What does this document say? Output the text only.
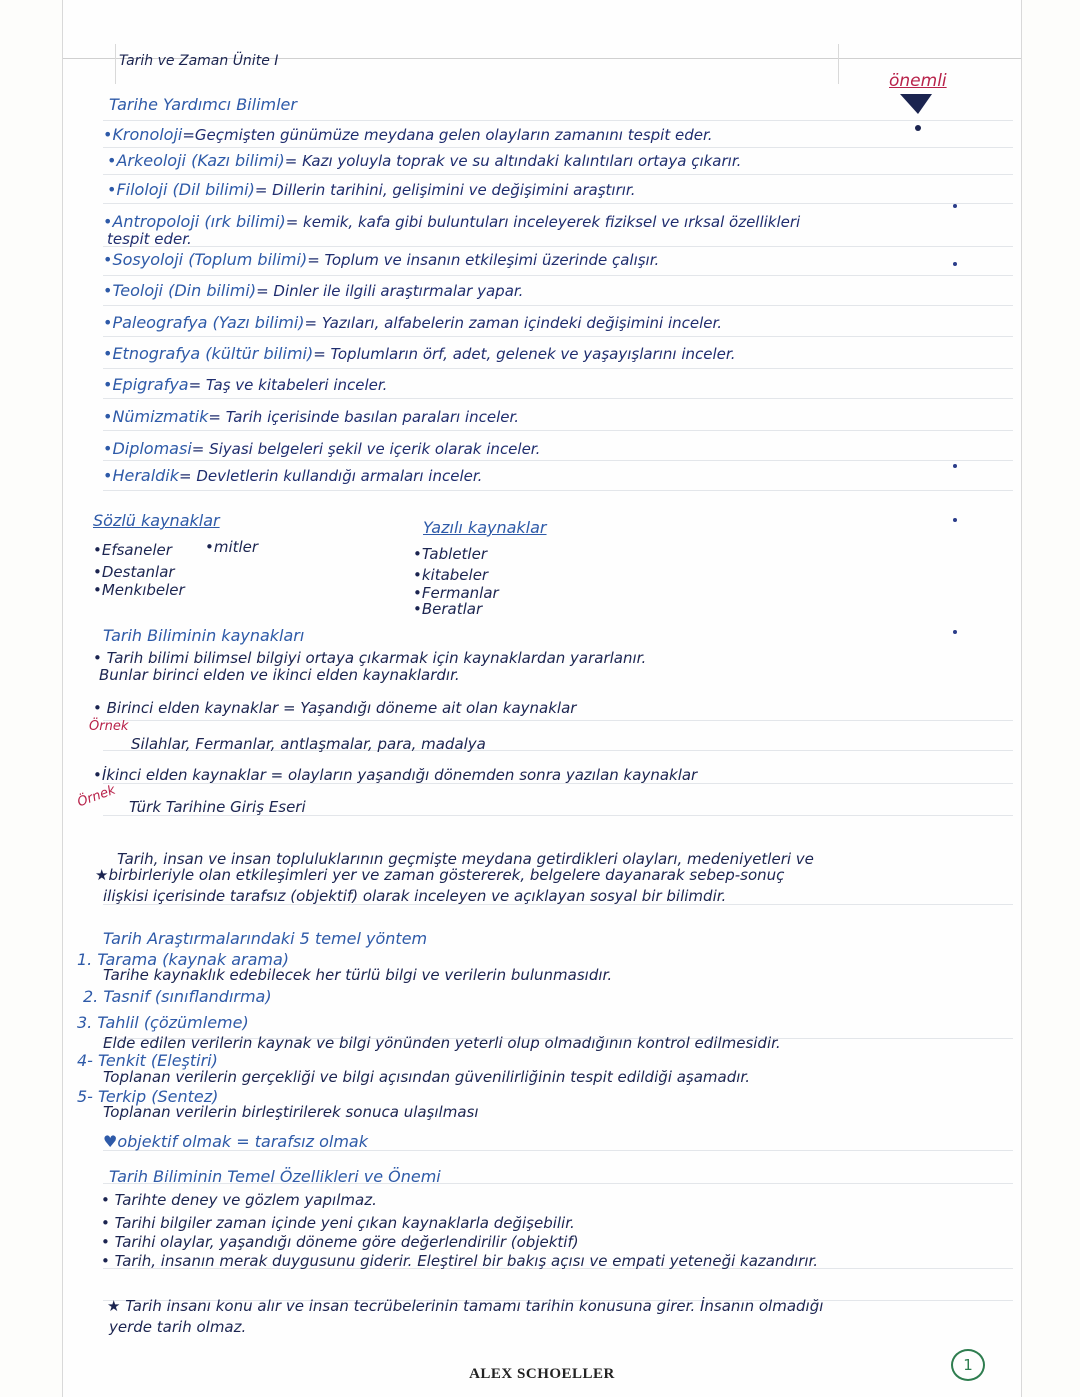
Tarih ve Zaman Ünite I
önemli
Tarihe Yardımcı Bilimler
•Kronoloji=Geçmişten günümüze meydana gelen olayların zamanını tespit eder.
•Arkeoloji (Kazı bilimi)= Kazı yoluyla toprak ve su altındaki kalıntıları ortaya çıkarır.
•Filoloji (Dil bilimi)= Dillerin tarihini, gelişimini ve değişimini araştırır.
•Antropoloji (ırk bilimi)= kemik, kafa gibi buluntuları inceleyerek fiziksel ve ırksal özellikleri
tespit eder.
•Sosyoloji (Toplum bilimi)= Toplum ve insanın etkileşimi üzerinde çalışır.
•Teoloji (Din bilimi)= Dinler ile ilgili araştırmalar yapar.
•Paleografya (Yazı bilimi)= Yazıları, alfabelerin zaman içindeki değişimini inceler.
•Etnografya (kültür bilimi)= Toplumların örf, adet, gelenek ve yaşayışlarını inceler.
•Epigrafya= Taş ve kitabeleri inceler.
•Nümizmatik= Tarih içerisinde basılan paraları inceler.
•Diplomasi= Siyasi belgeleri şekil ve içerik olarak inceler.
•Heraldik= Devletlerin kullandığı armaları inceler.
Sözlü kaynaklar
•Efsaneler •mitler
•Destanlar
•Menkıbeler
Yazılı kaynaklar
•Tabletler
•kitabeler
•Fermanlar
•Beratlar
Tarih Biliminin kaynakları
• Tarih bilimi bilimsel bilgiyi ortaya çıkarmak için kaynaklardan yararlanır.
Bunlar birinci elden ve ikinci elden kaynaklardır.
• Birinci elden kaynaklar = Yaşandığı döneme ait olan kaynaklar
Örnek
Silahlar, Fermanlar, antlaşmalar, para, madalya
•İkinci elden kaynaklar = olayların yaşandığı dönemden sonra yazılan kaynaklar
Örnek Türk Tarihine Giriş Eseri
Tarih, insan ve insan topluluklarının geçmişte meydana getirdikleri olayları, medeniyetleri ve
★birbirleriyle olan etkileşimleri yer ve zaman göstererek, belgelere dayanarak sebep-sonuç
ilişkisi içerisinde tarafsız (objektif) olarak inceleyen ve açıklayan sosyal bir bilimdir.
Tarih Araştırmalarındaki 5 temel yöntem
1. Tarama (kaynak arama)
Tarihe kaynaklık edebilecek her türlü bilgi ve verilerin bulunmasıdır.
2. Tasnif (sınıflandırma)
3. Tahlil (çözümleme)
Elde edilen verilerin kaynak ve bilgi yönünden yeterli olup olmadığının kontrol edilmesidir.
4- Tenkit (Eleştiri)
Toplanan verilerin gerçekliği ve bilgi açısından güvenilirliğinin tespit edildiği aşamadır.
5- Terkip (Sentez)
Toplanan verilerin birleştirilerek sonuca ulaşılması
♥objektif olmak = tarafsız olmak
Tarih Biliminin Temel Özellikleri ve Önemi
• Tarihte deney ve gözlem yapılmaz.
• Tarihi bilgiler zaman içinde yeni çıkan kaynaklarla değişebilir.
• Tarihi olaylar, yaşandığı döneme göre değerlendirilir (objektif)
• Tarih, insanın merak duygusunu giderir. Eleştirel bir bakış açısı ve empati yeteneği kazandırır.
★ Tarih insanı konu alır ve insan tecrübelerinin tamamı tarihin konusuna girer. İnsanın olmadığı
yerde tarih olmaz.
ALEX SCHOELLER	1
